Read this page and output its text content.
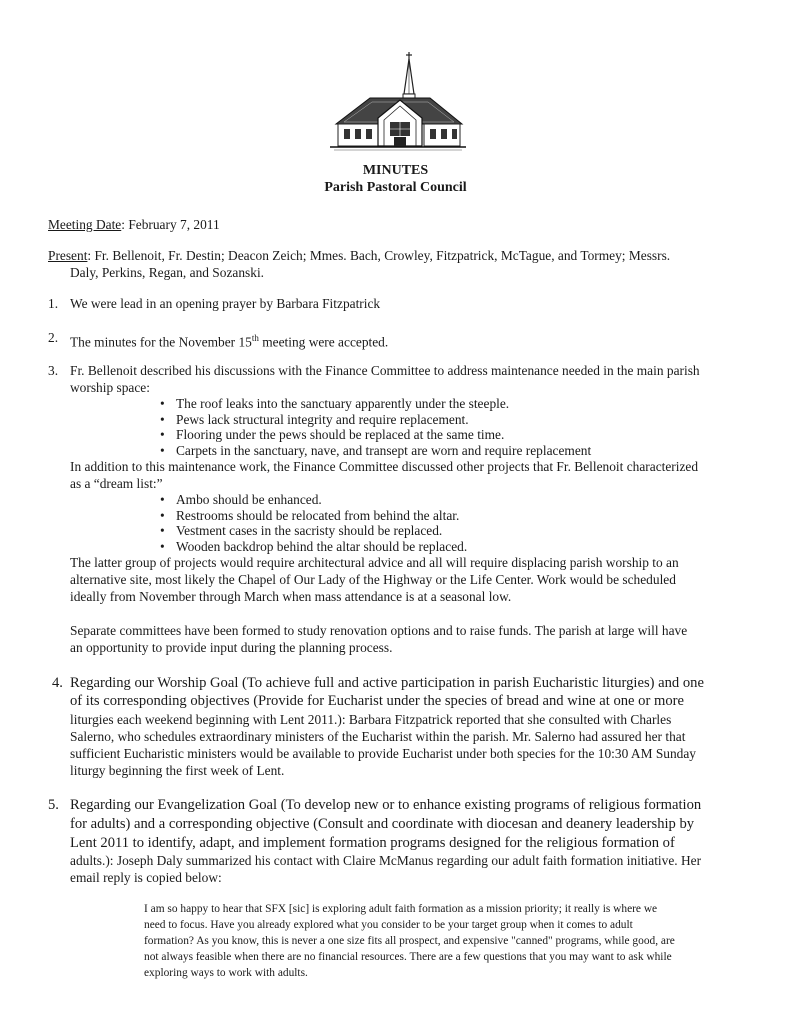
MINUTES
Parish Pastoral Council
Meeting Date: February 7, 2011
Present: Fr. Bellenoit, Fr. Destin; Deacon Zeich; Mmes. Bach, Crowley, Fitzpatrick, McTague, and Tormey; Messrs.
Daly, Perkins, Regan, and Sozanski.
1. We were lead in an opening prayer by Barbara Fitzpatrick
2. The minutes for the November 15th meeting were accepted.
3. Fr. Bellenoit described his discussions with the Finance Committee to address maintenance needed in the main parish
worship space:
• The roof leaks into the sanctuary apparently under the steeple.
• Pews lack structural integrity and require replacement.
• Flooring under the pews should be replaced at the same time.
• Carpets in the sanctuary, nave, and transept are worn and require replacement
In addition to this maintenance work, the Finance Committee discussed other projects that Fr. Bellenoit characterized
as a “dream list:”
• Ambo should be enhanced.
• Restrooms should be relocated from behind the altar.
• Vestment cases in the sacristy should be replaced.
• Wooden backdrop behind the altar should be replaced.
The latter group of projects would require architectural advice and all will require displacing parish worship to an
alternative site, most likely the Chapel of Our Lady of the Highway or the Life Center. Work would be scheduled
ideally from November through March when mass attendance is at a seasonal low.
Separate committees have been formed to study renovation options and to raise funds. The parish at large will have
an opportunity to provide input during the planning process.
4. Regarding our Worship Goal (To achieve full and active participation in parish Eucharistic liturgies) and one
of its corresponding objectives (Provide for Eucharist under the species of bread and wine at one or more
liturgies each weekend beginning with Lent 2011.): Barbara Fitzpatrick reported that she consulted with Charles
Salerno, who schedules extraordinary ministers of the Eucharist within the parish. Mr. Salerno had assured her that
sufficient Eucharistic ministers would be available to provide Eucharist under both species for the 10:30 AM Sunday
liturgy beginning the first week of Lent.
5. Regarding our Evangelization Goal (To develop new or to enhance existing programs of religious formation
for adults) and a corresponding objective (Consult and coordinate with diocesan and deanery leadership by
Lent 2011 to identify, adapt, and implement formation programs designed for the religious formation of
adults.): Joseph Daly summarized his contact with Claire McManus regarding our adult faith formation initiative. Her
email reply is copied below:
I am so happy to hear that SFX [sic] is exploring adult faith formation as a mission priority; it really is where we
need to focus. Have you already explored what you consider to be your target group when it comes to adult
formation? As you know, this is never a one size fits all prospect, and expensive "canned" programs, while good, are
not always feasible when there are no financial resources. There are a few questions that you may want to ask while
exploring ways to work with adults.
